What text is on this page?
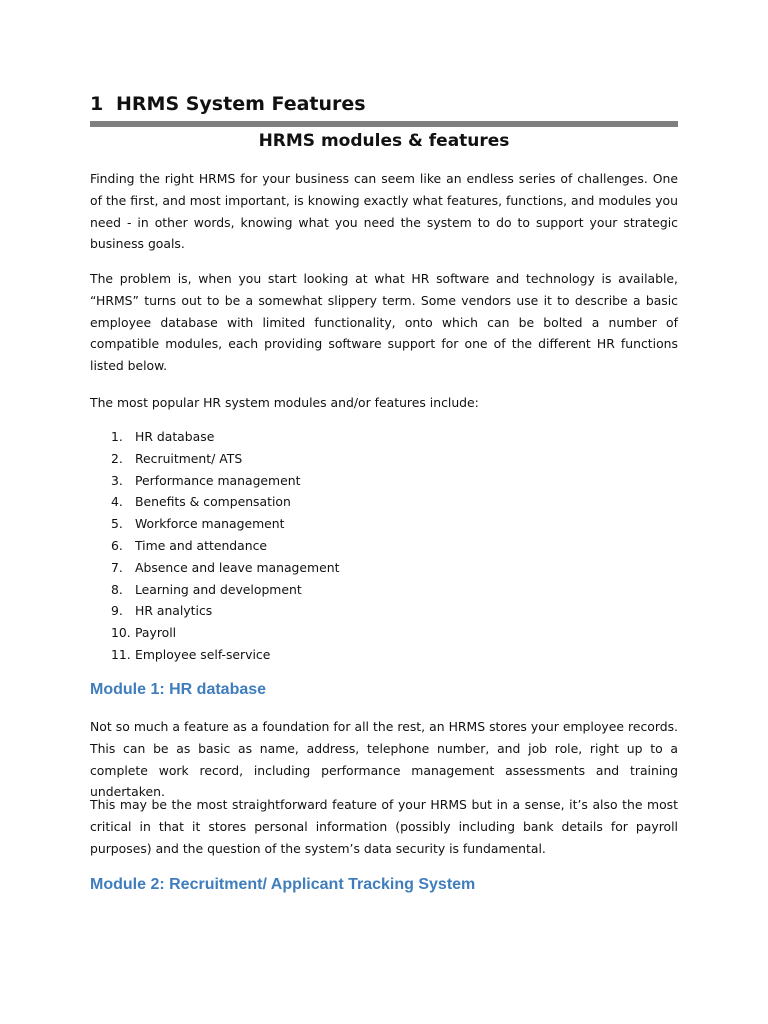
1 HRMS System Features
HRMS modules & features

Finding the right HRMS for your business can seem like an endless series of challenges. One of the first, and most important, is knowing exactly what features, functions, and modules you need - in other words, knowing what you need the system to do to support your strategic business goals.

The problem is, when you start looking at what HR software and technology is available, “HRMS” turns out to be a somewhat slippery term. Some vendors use it to describe a basic employee database with limited functionality, onto which can be bolted a number of compatible modules, each providing software support for one of the different HR functions listed below.

The most popular HR system modules and/or features include:

1. HR database
2. Recruitment/ ATS
3. Performance management
4. Benefits & compensation
5. Workforce management
6. Time and attendance
7. Absence and leave management
8. Learning and development
9. HR analytics
10. Payroll
11. Employee self-service
Module 1: HR database

Not so much a feature as a foundation for all the rest, an HRMS stores your employee records. This can be as basic as name, address, telephone number, and job role, right up to a complete work record, including performance management assessments and training undertaken.

This may be the most straightforward feature of your HRMS but in a sense, it’s also the most critical in that it stores personal information (possibly including bank details for payroll purposes) and the question of the system’s data security is fundamental.

Module 2: Recruitment/ Applicant Tracking System
